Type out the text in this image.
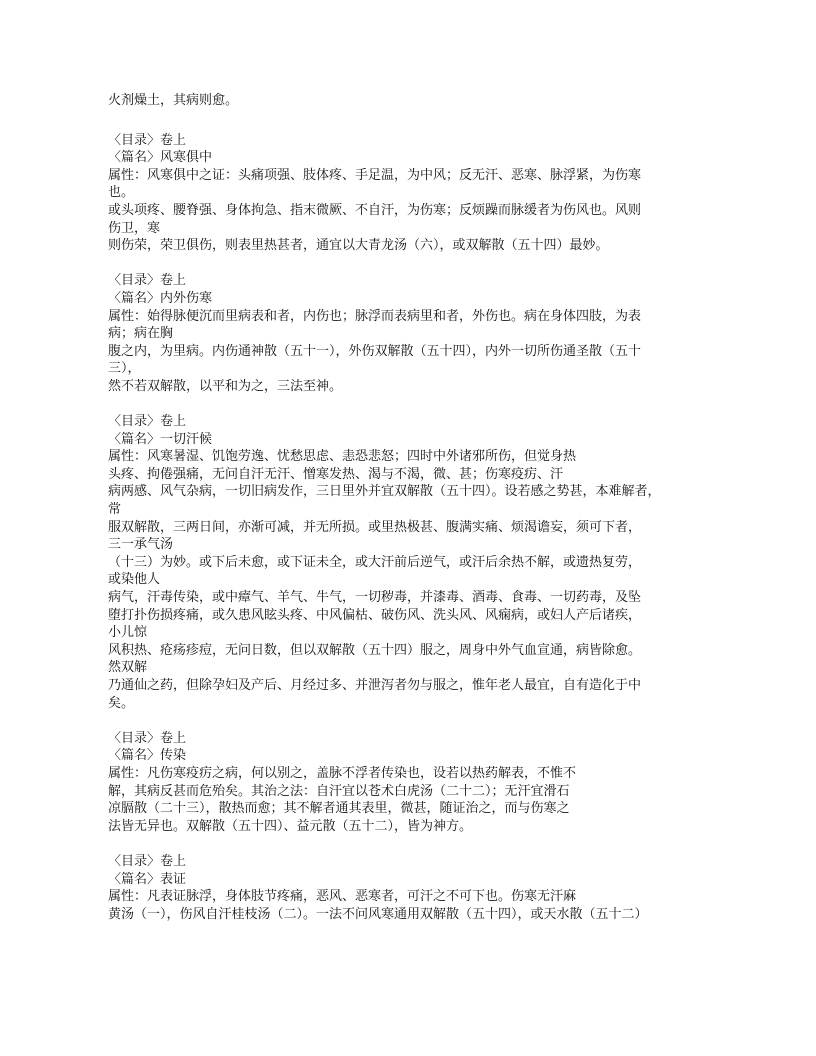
火剂燥土，其病则愈。
〈目录〉卷上
〈篇名〉风寒俱中
属性：风寒俱中之证：头痛项强、肢体疼、手足温，为中风；反无汗、恶寒、脉浮紧，为伤寒
也。
或头项疼、腰脊强、身体拘急、指末微厥、不自汗，为伤寒；反烦躁而脉缓者为伤风也。风则
伤卫，寒
则伤荣，荣卫俱伤，则表里热甚者，通宜以大青龙汤（六），或双解散（五十四）最妙。
〈目录〉卷上
〈篇名〉内外伤寒
属性：始得脉便沉而里病表和者，内伤也；脉浮而表病里和者，外伤也。病在身体四肢，为表
病；病在胸
腹之内，为里病。内伤通神散（五十一），外伤双解散（五十四），内外一切所伤通圣散（五十
三），
然不若双解散，以平和为之，三法至神。
〈目录〉卷上
〈篇名〉一切汗候
属性：风寒暑湿、饥饱劳逸、忧愁思虑、恚恐悲怒；四时中外诸邪所伤，但觉身热
头疼、拘倦强痛，无问自汗无汗、憎寒发热、渴与不渴，微、甚；伤寒疫疠、汗
病两感、风气杂病，一切旧病发作，三日里外并宜双解散（五十四）。设若感之势甚，本难解者，
常
服双解散，三两日间，亦渐可减，并无所损。或里热极甚、腹满实痛、烦渴谵妄，须可下者，
三一承气汤
（十三）为妙。或下后未愈，或下证未全，或大汗前后逆气，或汗后余热不解，或遗热复劳，
或染他人
病气，汗毒传染，或中瘴气、羊气、牛气，一切秽毒，并漆毒、酒毒、食毒、一切药毒，及坠
堕打扑伤损疼痛，或久患风眩头疼、中风偏枯、破伤风、洗头风、风痫病，或妇人产后诸疾，
小儿惊
风积热、疮疡疹痘，无问日数，但以双解散（五十四）服之，周身中外气血宣通，病皆除愈。
然双解
乃通仙之药，但除孕妇及产后、月经过多、并泄泻者勿与服之，惟年老人最宜，自有造化于中
矣。
〈目录〉卷上
〈篇名〉传染
属性：凡伤寒疫疠之病，何以别之，盖脉不浮者传染也，设若以热药解表，不惟不
解，其病反甚而危殆矣。其治之法：自汗宜以苍术白虎汤（二十二）；无汗宜滑石
凉膈散（二十三），散热而愈；其不解者通其表里，微甚，随证治之，而与伤寒之
法皆无异也。双解散（五十四）、益元散（五十二），皆为神方。
〈目录〉卷上
〈篇名〉表证
属性：凡表证脉浮，身体肢节疼痛，恶风、恶寒者，可汗之不可下也。伤寒无汗麻
黄汤（一），伤风自汗桂枝汤（二）。一法不问风寒通用双解散（五十四），或天水散（五十二）
